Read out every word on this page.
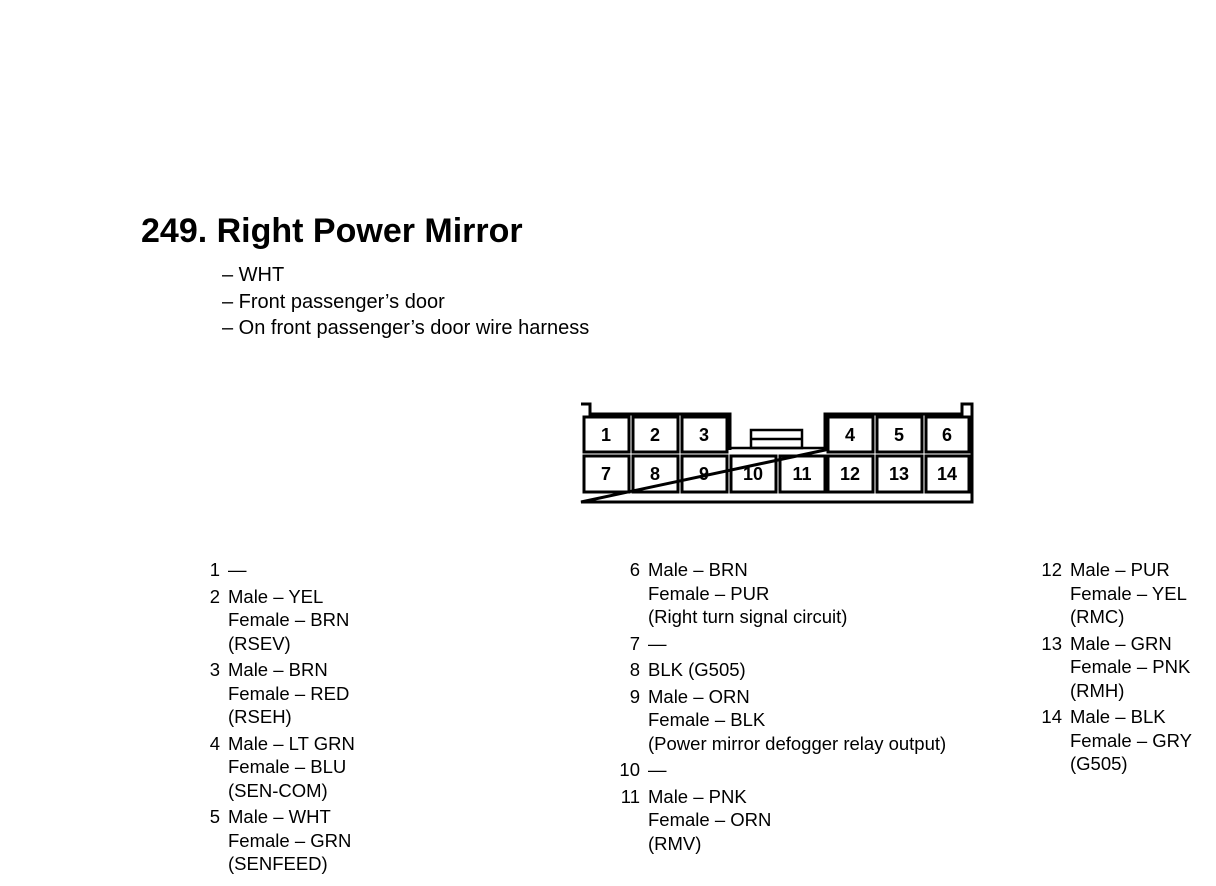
249. Right Power Mirror
– WHT
– Front passenger’s door
– On front passenger’s door wire harness
1 2 3	4 5 6
7 8 9 10 11 12 13 14
1 —
2 Male – YEL
Female – BRN
(RSEV)
3 Male – BRN
Female – RED
(RSEH)
4 Male – LT GRN
Female – BLU
(SEN-COM)
5 Male – WHT
Female – GRN
(SENFEED)
6 Male – BRN
Female – PUR
(Right turn signal circuit)
7 —
8 BLK (G505)
9 Male – ORN
Female – BLK
(Power mirror defogger relay output)
10 —
11 Male – PNK
Female – ORN
(RMV)
12 Male – PUR
Female – YEL
(RMC)
13 Male – GRN
Female – PNK
(RMH)
14 Male – BLK
Female – GRY
(G505)
